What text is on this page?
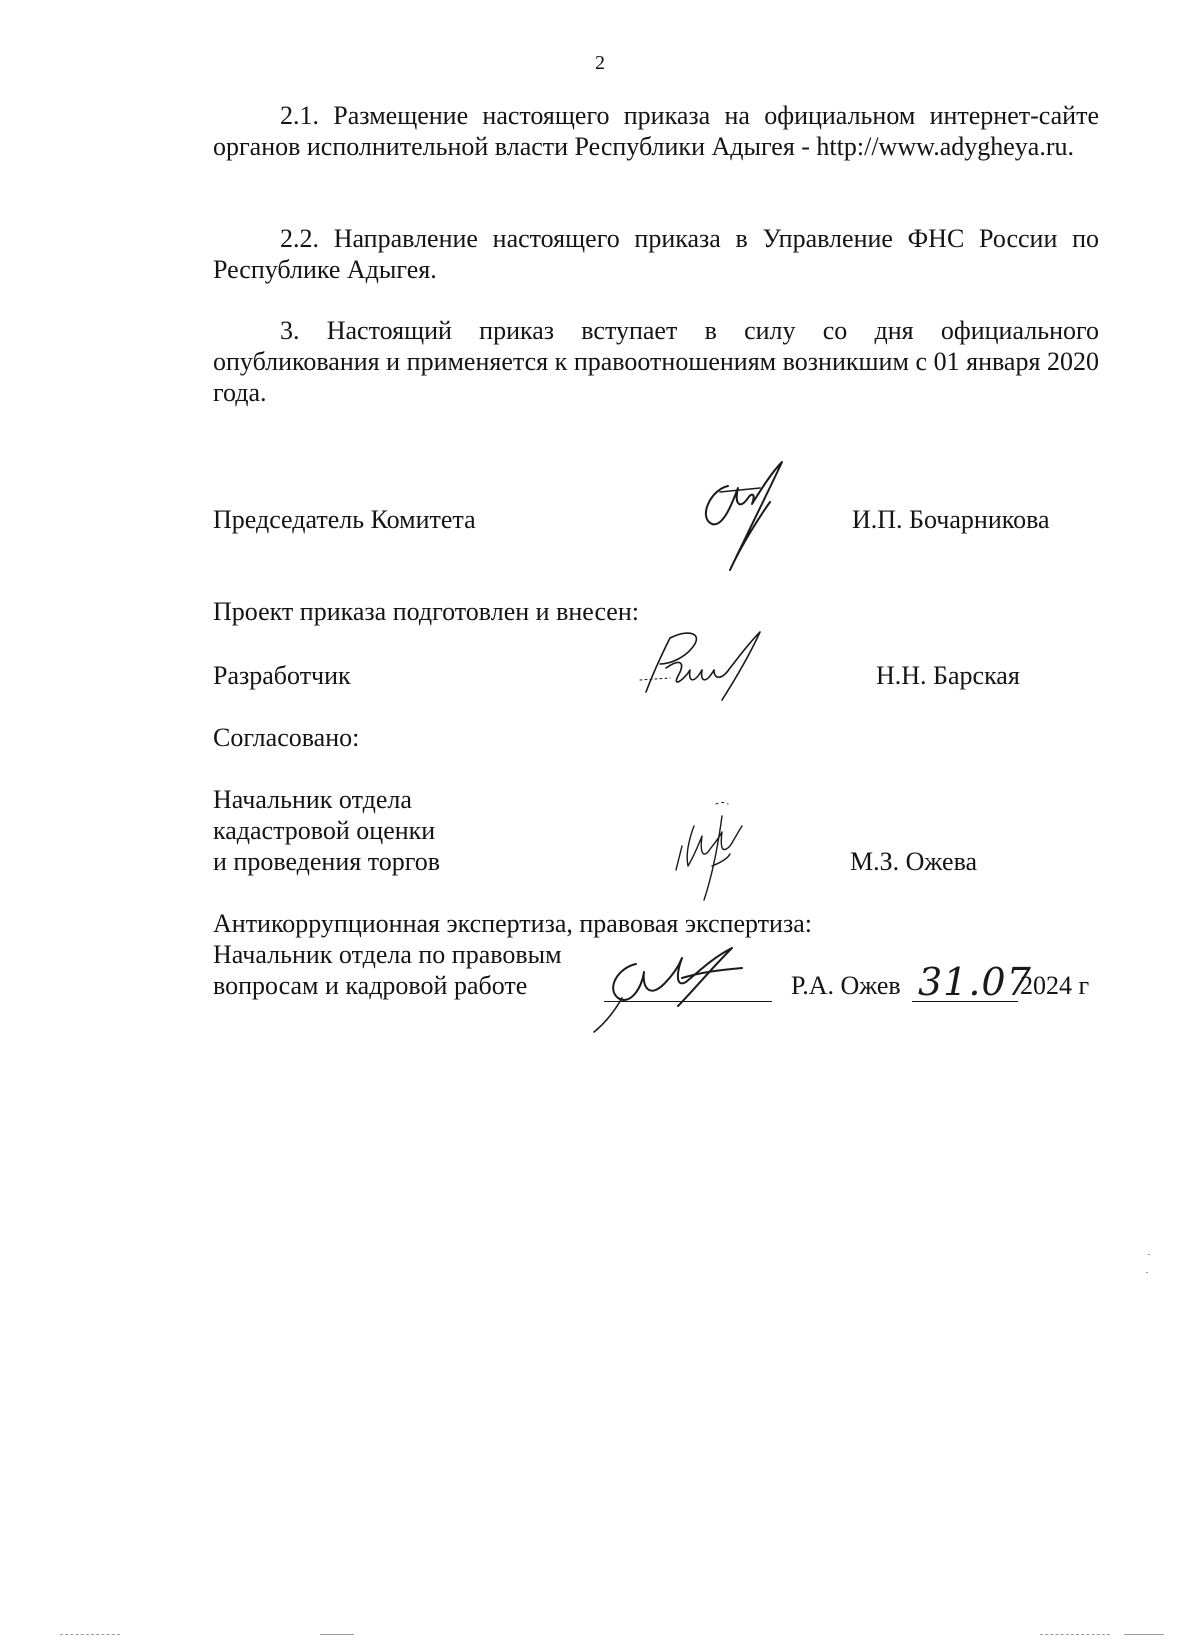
2

2.1. Размещение настоящего приказа на официальном интернет-сайте органов исполнительной власти Республики Адыгея - http://www.adygheya.ru.

2.2. Направление настоящего приказа в Управление ФНС России по Республике Адыгея.

3. Настоящий приказ вступает в силу со дня официального опубликования и применяется к правоотношениям возникшим с 01 января 2020 года.

Председатель Комитета	И.П. Бочарникова
Проект приказа подготовлен и внесен:
Разработчик	Н.Н. Барская
Согласовано:
Начальник отдела
кадастровой оценки
и проведения торгов	М.З. Ожева
Антикоррупционная экспертиза, правовая экспертиза:
Начальник отдела по правовым
вопросам и кадровой работе	Р.А. Ожев 31.07
2024 г
